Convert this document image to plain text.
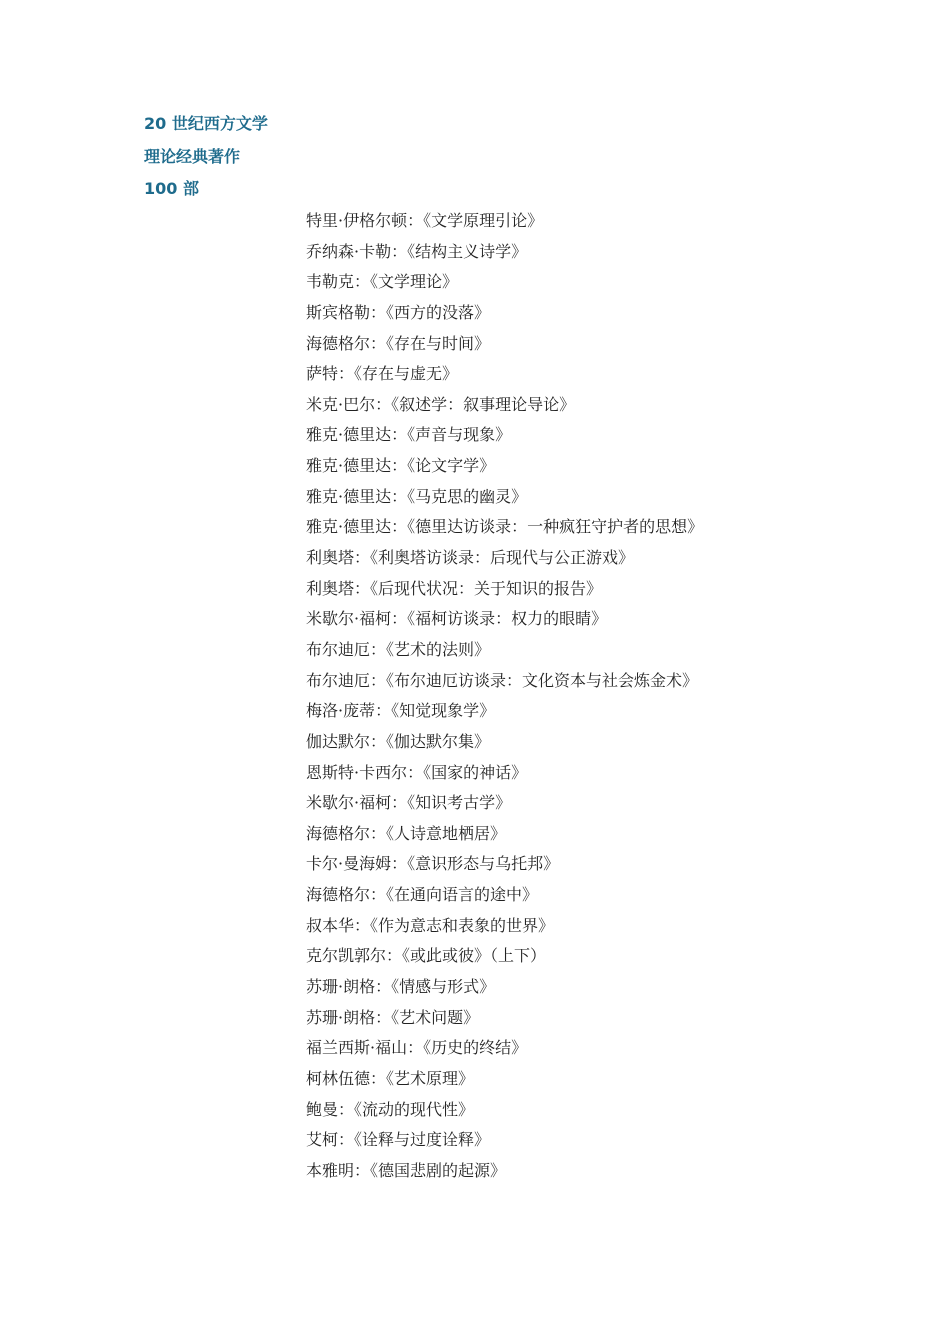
20 世纪西方文学
理论经典著作
100 部
特里·伊格尔顿：《文学原理引论》
乔纳森·卡勒：《结构主义诗学》
韦勒克：《文学理论》
斯宾格勒：《西方的没落》
海德格尔：《存在与时间》
萨特：《存在与虚无》
米克·巴尔：《叙述学：叙事理论导论》
雅克·德里达：《声音与现象》
雅克·德里达：《论文字学》
雅克·德里达：《马克思的幽灵》
雅克·德里达：《德里达访谈录：一种疯狂守护者的思想》
利奥塔：《利奥塔访谈录：后现代与公正游戏》
利奥塔：《后现代状况：关于知识的报告》
米歇尔·福柯：《福柯访谈录：权力的眼睛》
布尔迪厄：《艺术的法则》
布尔迪厄：《布尔迪厄访谈录：文化资本与社会炼金术》
梅洛·庞蒂：《知觉现象学》
伽达默尔：《伽达默尔集》
恩斯特·卡西尔：《国家的神话》
米歇尔·福柯：《知识考古学》
海德格尔：《人诗意地栖居》
卡尔·曼海姆：《意识形态与乌托邦》
海德格尔：《在通向语言的途中》
叔本华：《作为意志和表象的世界》
克尔凯郭尔：《或此或彼》（上下）
苏珊·朗格：《情感与形式》
苏珊·朗格：《艺术问题》
福兰西斯·福山：《历史的终结》
柯林伍德：《艺术原理》
鲍曼：《流动的现代性》
艾柯：《诠释与过度诠释》
本雅明：《德国悲剧的起源》
